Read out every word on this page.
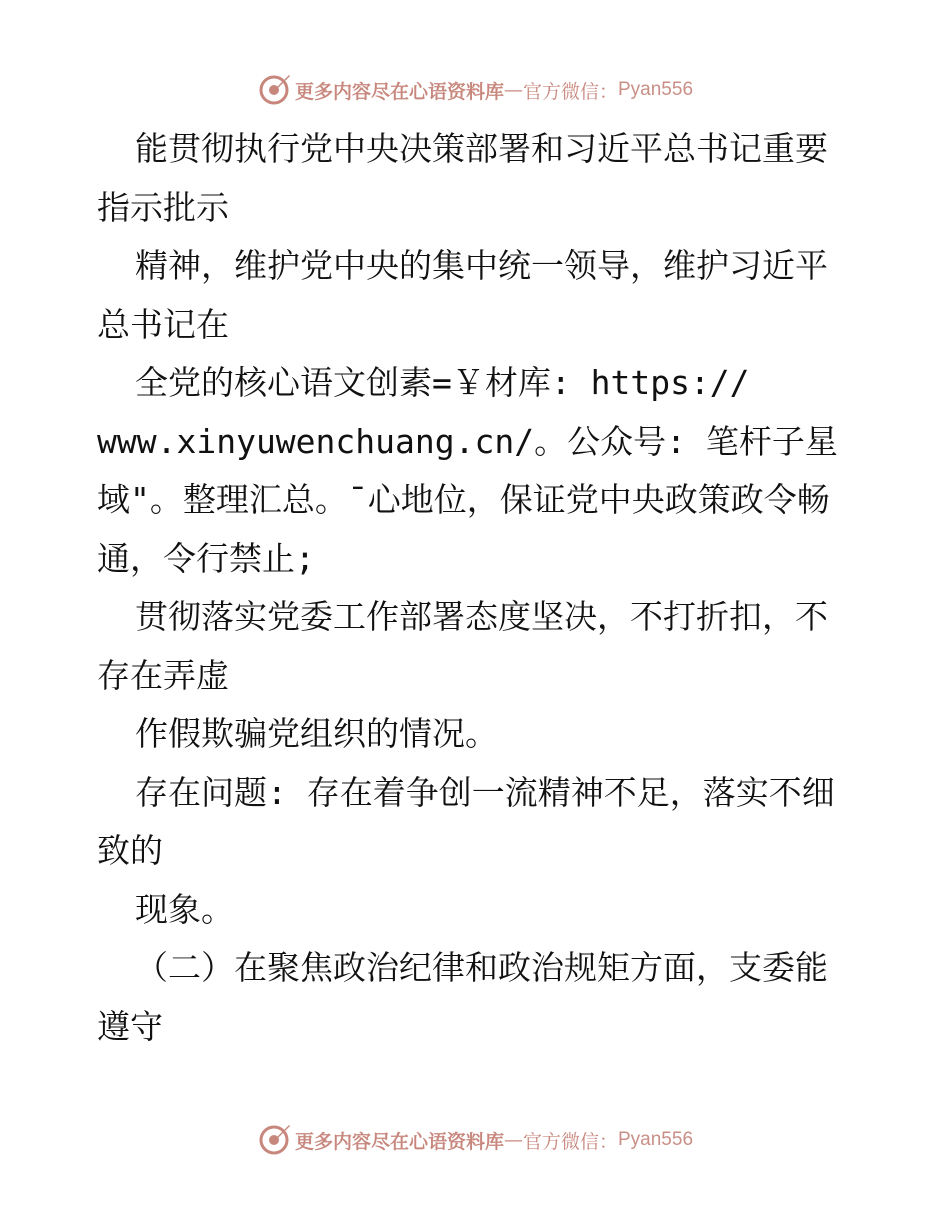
更多内容尽在心语资料库 — 官方微信： Pyan556
能贯彻执行党中央决策部署和习近平总书记重要
指示批示
精神，维护党中央的集中统一领导，维护习近平
总书记在
全党的核心语文创素=￥材库: https://
www.xinyuwenchuang.cn/。公众号: 笔杆子星
域"。整理汇总。¯心地位，保证党中央政策政令畅
通，令行禁止;
贯彻落实党委工作部署态度坚决，不打折扣，不
存在弄虚
作假欺骗党组织的情况。
存在问题: 存在着争创一流精神不足，落实不细
致的
现象。
（二）在聚焦政治纪律和政治规矩方面，支委能
遵守
更多内容尽在心语资料库 — 官方微信： Pyan556
